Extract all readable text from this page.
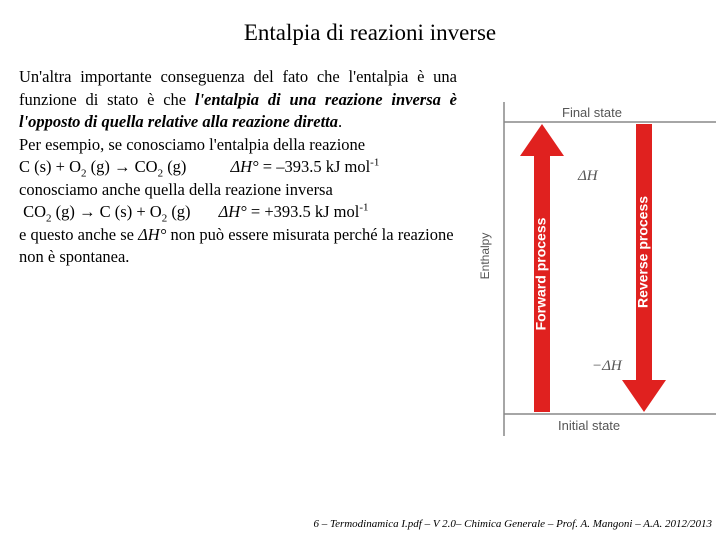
Entalpia di reazioni inverse

Un'altra importante conseguenza del fato che l'entalpia è una funzione di stato è che l'entalpia di una reazione inversa è l'opposto di quella relative alla reazione diretta.

Per esempio, se conosciamo l'entalpia della reazione

C $(s) + O_2$ $(g) \to CO_2$ (g)	ΔH° = –393.5 kJ mol$^{-1}$

conosciamo anche quella della reazione inversa

$CO_2$ (g) → C $(s) + O_2$ (g) ΔH° = +393.5 kJ mol$^{-1}$

e questo anche se ΔH° non può essere misurata perché la reazione non è spontanea.

Final state
Initial state
Enthalpy	Forward process	Reverse process
ΔH
−ΔH
6 – Termodinamica I.pdf – V 2.0– Chimica Generale – Prof. A. Mangoni – A.A. 2012/2013
